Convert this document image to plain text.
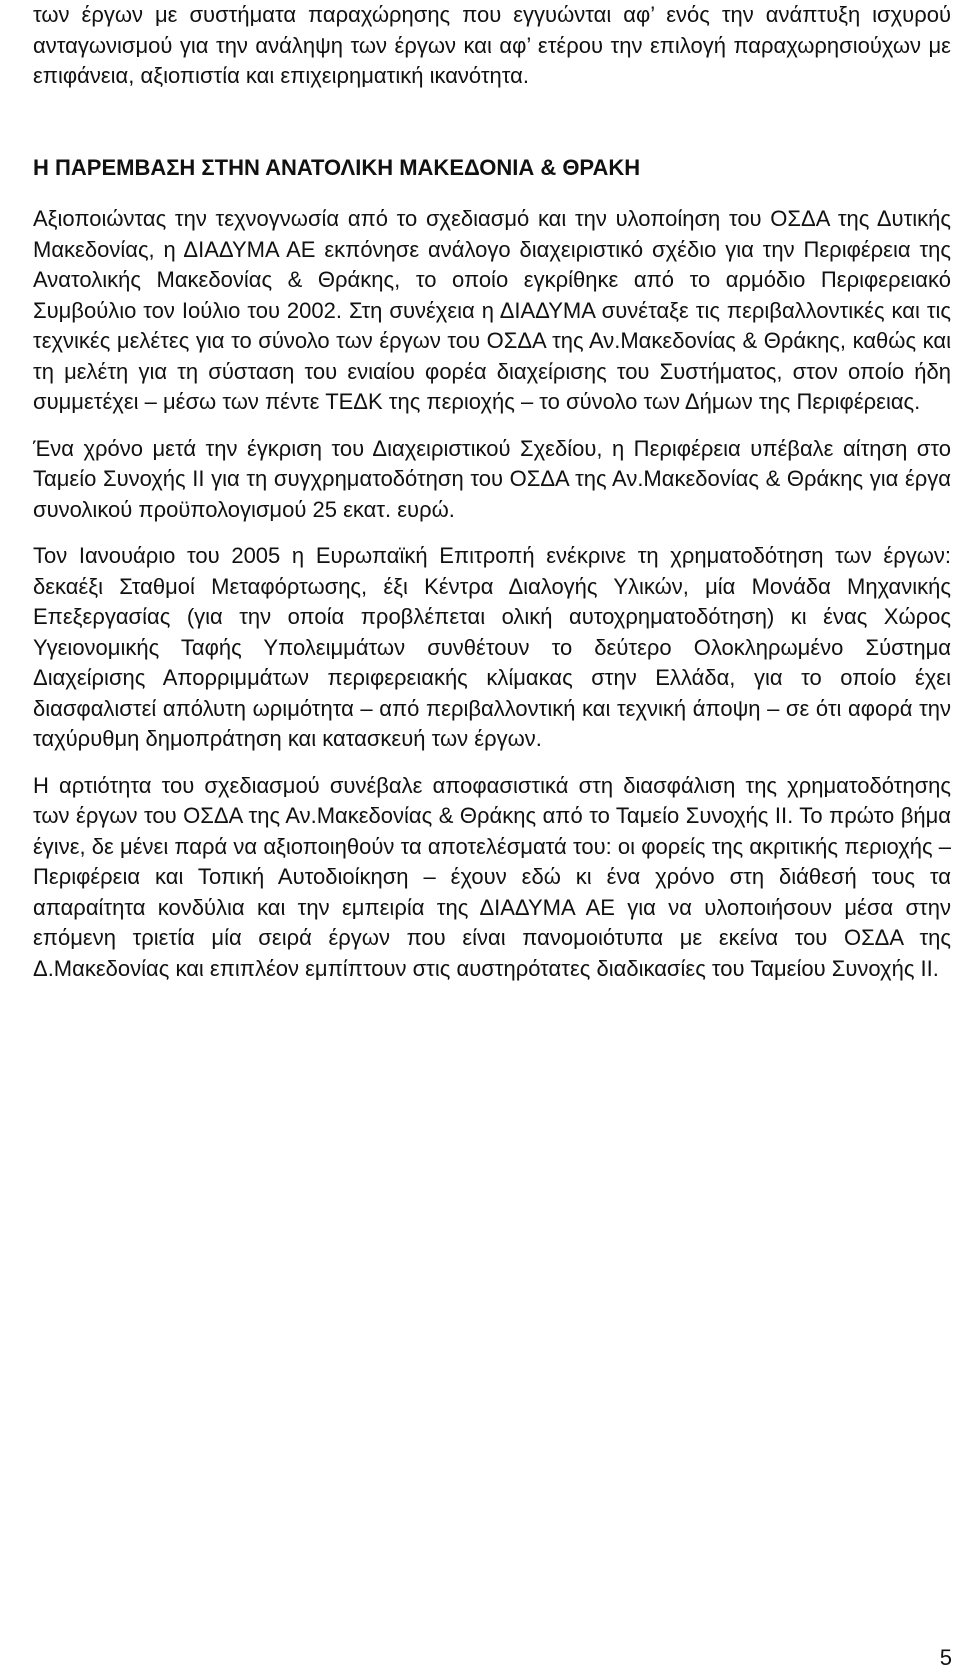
των έργων με συστήματα παραχώρησης που εγγυώνται αφ’ ενός την ανάπτυξη ισχυρού ανταγωνισμού για την ανάληψη των έργων και αφ’ ετέρου την επιλογή παραχωρησιούχων με επιφάνεια, αξιοπιστία και επιχειρηματική ικανότητα.

Η ΠΑΡΕΜΒΑΣΗ ΣΤΗΝ ΑΝΑΤΟΛΙΚΗ ΜΑΚΕΔΟΝΙΑ & ΘΡΑΚΗ

Αξιοποιώντας την τεχνογνωσία από το σχεδιασμό και την υλοποίηση του ΟΣΔΑ της Δυτικής Μακεδονίας, η ΔΙΑΔΥΜΑ ΑΕ εκπόνησε ανάλογο διαχειριστικό σχέδιο για την Περιφέρεια της Ανατολικής Μακεδονίας & Θράκης, το οποίο εγκρίθηκε από το αρμόδιο Περιφερειακό Συμβούλιο τον Ιούλιο του 2002. Στη συνέχεια η ΔΙΑΔΥΜΑ συνέταξε τις περιβαλλοντικές και τις τεχνικές μελέτες για το σύνολο των έργων του ΟΣΔΑ της Αν.Μακεδονίας & Θράκης, καθώς και τη μελέτη για τη σύσταση του ενιαίου φορέα διαχείρισης του Συστήματος, στον οποίο ήδη συμμετέχει – μέσω των πέντε ΤΕΔΚ της περιοχής – το σύνολο των Δήμων της Περιφέρειας.

Ένα χρόνο μετά την έγκριση του Διαχειριστικού Σχεδίου, η Περιφέρεια υπέβαλε αίτηση στο Ταμείο Συνοχής ΙΙ για τη συγχρηματοδότηση του ΟΣΔΑ της Αν.Μακεδονίας & Θράκης για έργα συνολικού προϋπολογισμού 25 εκατ. ευρώ.

Τον Ιανουάριο του 2005 η Ευρωπαϊκή Επιτροπή ενέκρινε τη χρηματοδότηση των έργων: δεκαέξι Σταθμοί Μεταφόρτωσης, έξι Κέντρα Διαλογής Υλικών, μία Μονάδα Μηχανικής Επεξεργασίας (για την οποία προβλέπεται ολική αυτοχρηματοδότηση) κι ένας Χώρος Υγειονομικής Ταφής Υπολειμμάτων συνθέτουν το δεύτερο Ολοκληρωμένο Σύστημα Διαχείρισης Απορριμμάτων περιφερειακής κλίμακας στην Ελλάδα, για το οποίο έχει διασφαλιστεί απόλυτη ωριμότητα – από περιβαλλοντική και τεχνική άποψη – σε ότι αφορά την ταχύρυθμη δημοπράτηση και κατασκευή των έργων.

Η αρτιότητα του σχεδιασμού συνέβαλε αποφασιστικά στη διασφάλιση της χρηματοδότησης των έργων του ΟΣΔΑ της Αν.Μακεδονίας & Θράκης από το Ταμείο Συνοχής ΙΙ. Το πρώτο βήμα έγινε, δε μένει παρά να αξιοποιηθούν τα αποτελέσματά του: οι φορείς της ακριτικής περιοχής – Περιφέρεια και Τοπική Αυτοδιοίκηση – έχουν εδώ κι ένα χρόνο στη διάθεσή τους τα απαραίτητα κονδύλια και την εμπειρία της ΔΙΑΔΥΜΑ ΑΕ για να υλοποιήσουν μέσα στην επόμενη τριετία μία σειρά έργων που είναι πανομοιότυπα με εκείνα του ΟΣΔΑ της Δ.Μακεδονίας και επιπλέον εμπίπτουν στις αυστηρότατες διαδικασίες του Ταμείου Συνοχής ΙΙ.

5
